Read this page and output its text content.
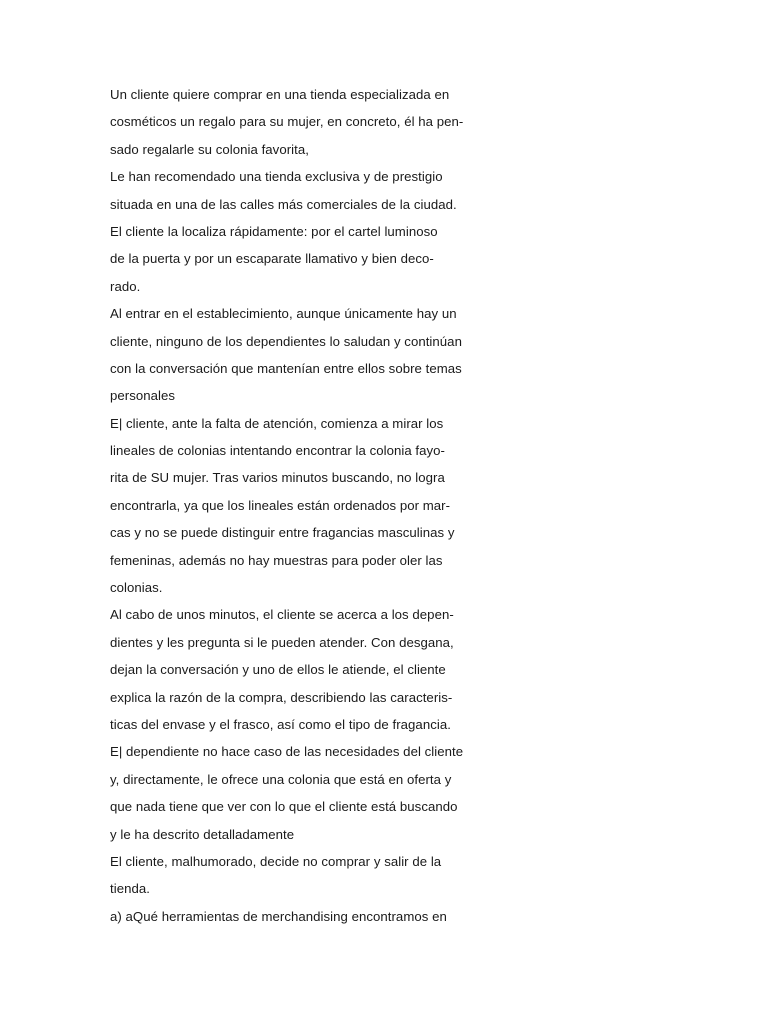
Un cliente quiere comprar en una tienda especializada en
cosméticos un regalo para su mujer, en concreto, él ha pen-
sado regalarle su colonia favorita,
Le han recomendado una tienda exclusiva y de prestigio
situada en una de las calles más comerciales de la ciudad.
El cliente la localiza rápidamente: por el cartel luminoso
de la puerta y por un escaparate llamativo y bien deco-
rado.
Al entrar en el establecimiento, aunque únicamente hay un
cliente, ninguno de los dependientes lo saludan y continúan
con la conversación que mantenían entre ellos sobre temas
personales
E| cliente, ante la falta de atención, comienza a mirar los
lineales de colonias intentando encontrar la colonia fayo-
rita de SU mujer. Tras varios minutos buscando, no logra
encontrarla, ya que los lineales están ordenados por mar-
cas y no se puede distinguir entre fragancias masculinas y
femeninas, además no hay muestras para poder oler las
colonias.
Al cabo de unos minutos, el cliente se acerca a los depen-
dientes y les pregunta si le pueden atender. Con desgana,
dejan la conversación y uno de ellos le atiende, el cliente
explica la razón de la compra, describiendo las caracteris-
ticas del envase y el frasco, así como el tipo de fragancia.
E| dependiente no hace caso de las necesidades del cliente
y, directamente, le ofrece una colonia que está en oferta y
que nada tiene que ver con lo que el cliente está buscando
y le ha descrito detalladamente
El cliente, malhumorado, decide no comprar y salir de la
tienda.
a) aQué herramientas de merchandising encontramos en
